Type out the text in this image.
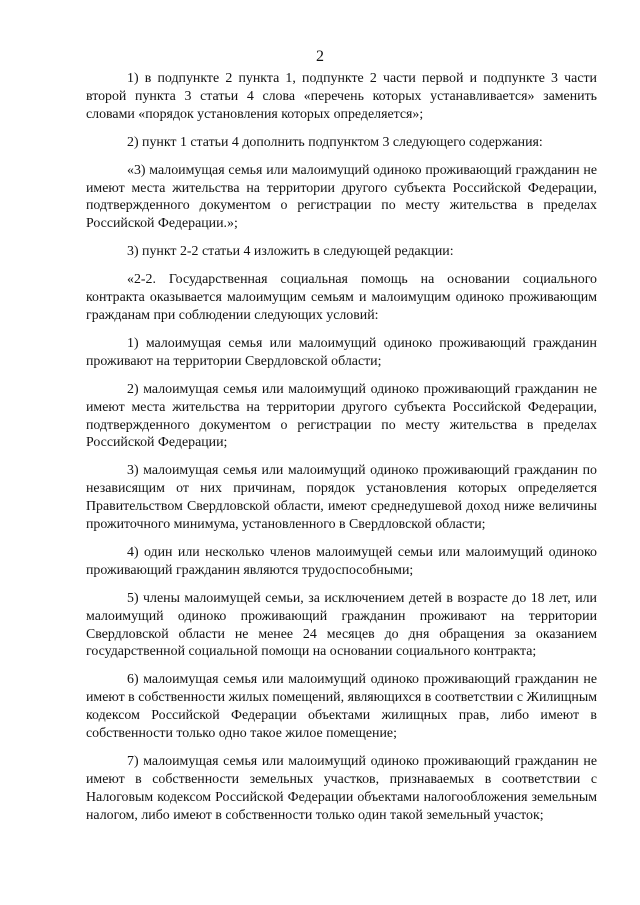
2

1) в подпункте 2 пункта 1, подпункте 2 части первой и подпункте 3 части второй пункта 3 статьи 4 слова «перечень которых устанавливается» заменить словами «порядок установления которых определяется»;

2) пункт 1 статьи 4 дополнить подпунктом 3 следующего содержания:

«3) малоимущая семья или малоимущий одиноко проживающий гражданин не имеют места жительства на территории другого субъекта Российской Федерации, подтвержденного документом о регистрации по месту жительства в пределах Российской Федерации.»;

3) пункт 2-2 статьи 4 изложить в следующей редакции:

«2-2. Государственная социальная помощь на основании социального контракта оказывается малоимущим семьям и малоимущим одиноко проживающим гражданам при соблюдении следующих условий:

1) малоимущая семья или малоимущий одиноко проживающий гражданин проживают на территории Свердловской области;

2) малоимущая семья или малоимущий одиноко проживающий гражданин не имеют места жительства на территории другого субъекта Российской Федерации, подтвержденного документом о регистрации по месту жительства в пределах Российской Федерации;

3) малоимущая семья или малоимущий одиноко проживающий гражданин по независящим от них причинам, порядок установления которых определяется Правительством Свердловской области, имеют среднедушевой доход ниже величины прожиточного минимума, установленного в Свердловской области;

4) один или несколько членов малоимущей семьи или малоимущий одиноко проживающий гражданин являются трудоспособными;

5) члены малоимущей семьи, за исключением детей в возрасте до 18 лет, или малоимущий одиноко проживающий гражданин проживают на территории Свердловской области не менее 24 месяцев до дня обращения за оказанием государственной социальной помощи на основании социального контракта;

6) малоимущая семья или малоимущий одиноко проживающий гражданин не имеют в собственности жилых помещений, являющихся в соответствии с Жилищным кодексом Российской Федерации объектами жилищных прав, либо имеют в собственности только одно такое жилое помещение;

7) малоимущая семья или малоимущий одиноко проживающий гражданин не имеют в собственности земельных участков, признаваемых в соответствии с Налоговым кодексом Российской Федерации объектами налогообложения земельным налогом, либо имеют в собственности только один такой земельный участок;
